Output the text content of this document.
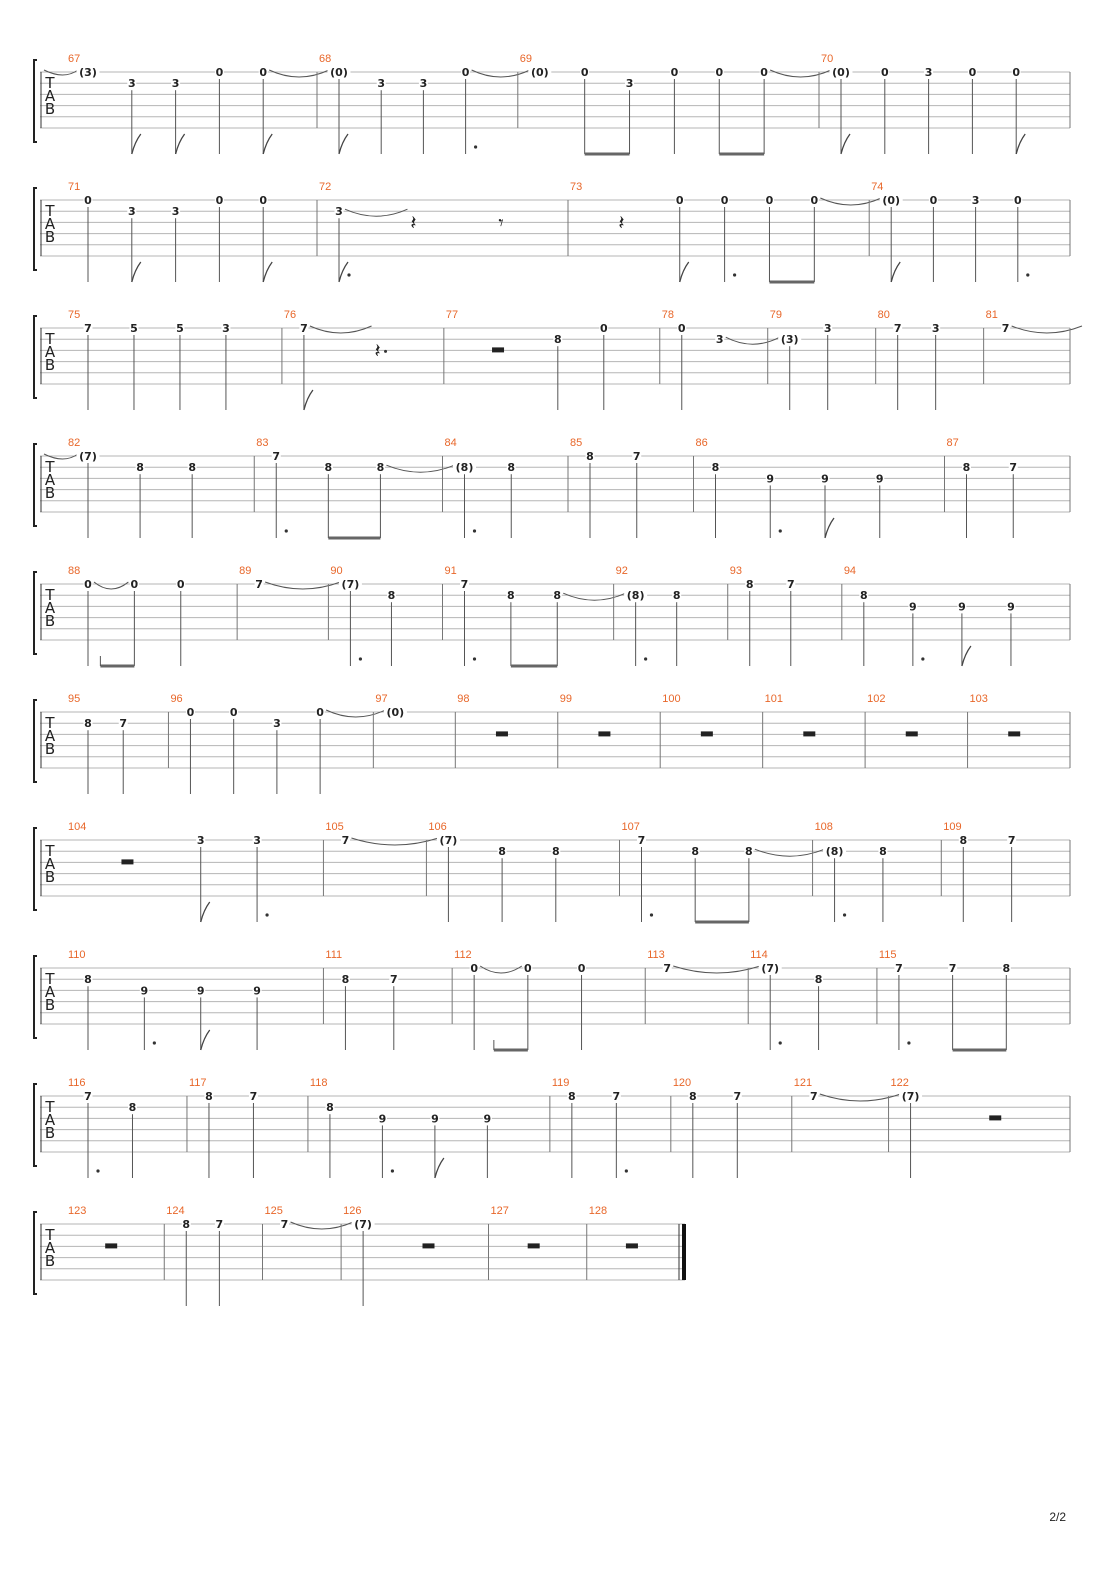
T
A
B
67
(3)
3	3
0	0
68
(0)
3	3
0
69
(0)	0
3
0	0	0
70
(0)	0	3	0	0
T
A
B
71
0
3	3
0	0
72
3	𝄽	𝄾
73
𝄽
0	0	0	0
74
(0)	0	3	0
T
A
B
75
7	5	5	3
76
7
𝄽
77
8
0
78
0
3
79
(3)
3
80
7	3
81
7
T
A
B
82
(7)
8	8
83
7
8	8
84
(8)	8
85
8	7
86
8
9	9	9
87
8	7
T
A
B
88
0	0	0
89
7
90
(7)
8
91
7
8	8
92
(8)	8
93
8	7
94
8
9	9	9
T
A
B
95
8	7
96
0	0
3
0
97
(0)
98	99	100	101	102	103
T
A
B
104
3	3
105
7
106
(7)
8	8
107
7
8	8
108
(8)	8
109
8	7
T
A
B
110
8
9	9	9
111
8	7
112
0	0	0
113
7
114
(7)
8
115
7	7	8
T
A
B
116
7
8
117
8	7
118
8
9	9	9
119
8	7
120
8	7
121
7
122
(7)
T
A
B
123	124
8 7
125
7
126
(7)
127	128
2/2
